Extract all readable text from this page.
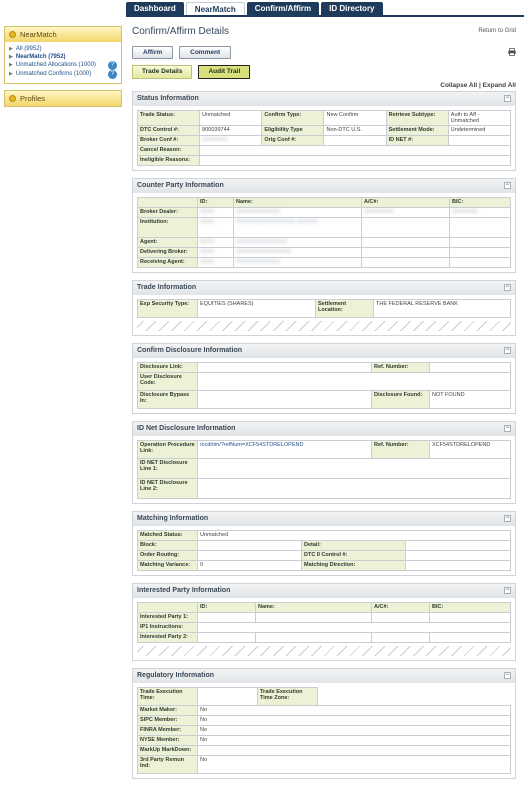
Dashboard	NearMatch	Confirm/Affirm	ID Directory
NearMatch
▶ All (9952)
▶ NearMatch (7952)
▶ Unmatched Allocations (1000)	?
▶ Unmatched Confirms (1000)	?
Profiles
Confirm/Affirm Details	Return to Grid
Affirm	Comment
Trade Details	Audit Trail
Collapse All | Expand All
Status Information	−
Trade Status:	Unmatched	Confirm Type:	New Confirm	Retrieve Subtype:	Auth to Aff - Unmatched
DTC Control #:	800039744	Eligibility Type	Non-DTC U.S.	Settlement Mode:	Undetermined
Broker Conf #:	XXXXXXX	Orig Conf #:		ID NET #:	
Cancel Reason:					
Ineligible Reasons:					
Counter Party Information	−
	ID:	Name:	A/C#:	BIC:
Broker Dealer:	XXXX	XXXXXXXXXXXX	XXXXXXXX	XXXXXXX
Institution:	XXXX	XXXXXXXXXXXXXXXX XXXXXX		
Agent:	XXXX	XXXXXXXXXXXXXX		
Delivering Broker:	XXXX	XXXXXXXXXXXXXXX		
Receiving Agent:	XXXX	XXXXXXXXXXXX		
Trade Information	−
Exp Security Type:	EQUITIES (SHARES)	Settlement Location:	THE FEDERAL RESERVE BANK
Confirm Disclosure Information	−
Disclosure Link:		Ref. Number:	
User Disclosure Code:			
Disclosure Bypass In:		Disclosure Found:	NOT FOUND
ID Net Disclosure Information	−
Operation Procedure Link:	/ocdrlim/?refNum=XCF54STDRELOPEND	Ref. Number:	XCF54STDRELOPEND
ID NET Disclosure Line 1:			
ID NET Disclosure Line 2:			
Matching Information	−
Matched Status:	Unmatched		
Block:		Detail:	
Order Routing:		DTC II Control #:	
Matching Variance:	0	Matching Direction:	
Interested Party Information	−
	ID:	Name:	A/C#:	BIC:
Interested Party 1:				
IP1 Instructions:				
Interested Party 2:				
Regulatory Information	−
Trade Execution Time:		Trade Execution Time Zone:	
Market Maker:	No		
SIPC Member:	No		
FINRA Member:	No		
NYSE Member:	No		
MarkUp MarkDown:			
3rd Party Remun Ind:	No		
